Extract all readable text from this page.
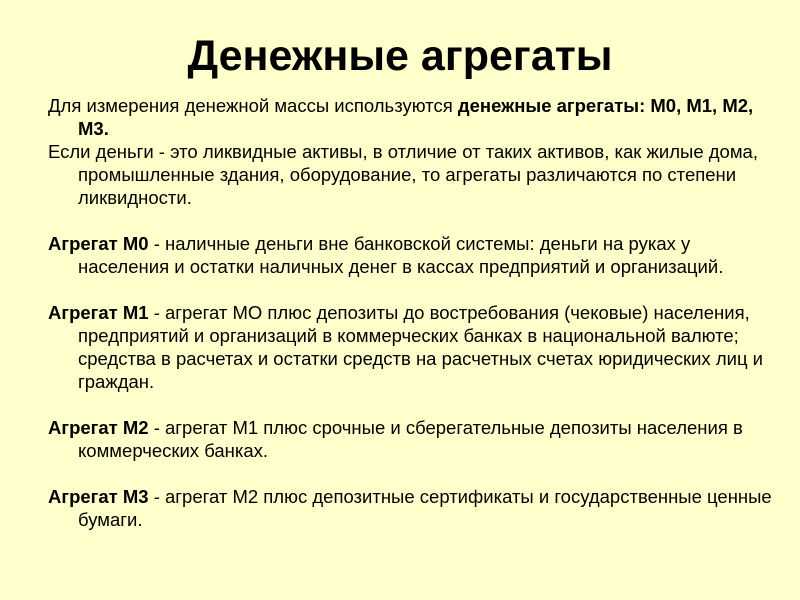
Денежные агрегаты

Для измерения денежной массы используются денежные агрегаты: М0, М1, М2, М3.

Если деньги - это ликвидные активы, в отличие от таких активов, как жилые дома, промышленные здания, оборудование, то агрегаты различаются по степени ликвидности.

Агрегат М0 - наличные деньги вне банковской системы: деньги на руках у населения и остатки наличных денег в кассах предприятий и организаций.

Агрегат М1 - агрегат МО плюс депозиты до востребования (чековые) населения, предприятий и организаций в коммерческих банках в национальной валюте; средства в расчетах и остатки средств на расчетных счетах юридических лиц и граждан.

Агрегат М2 - агрегат М1 плюс срочные и сберегательные депозиты населения в коммерческих банках.

Агрегат М3 - агрегат М2 плюс депозитные сертификаты и государственные ценные бумаги.
